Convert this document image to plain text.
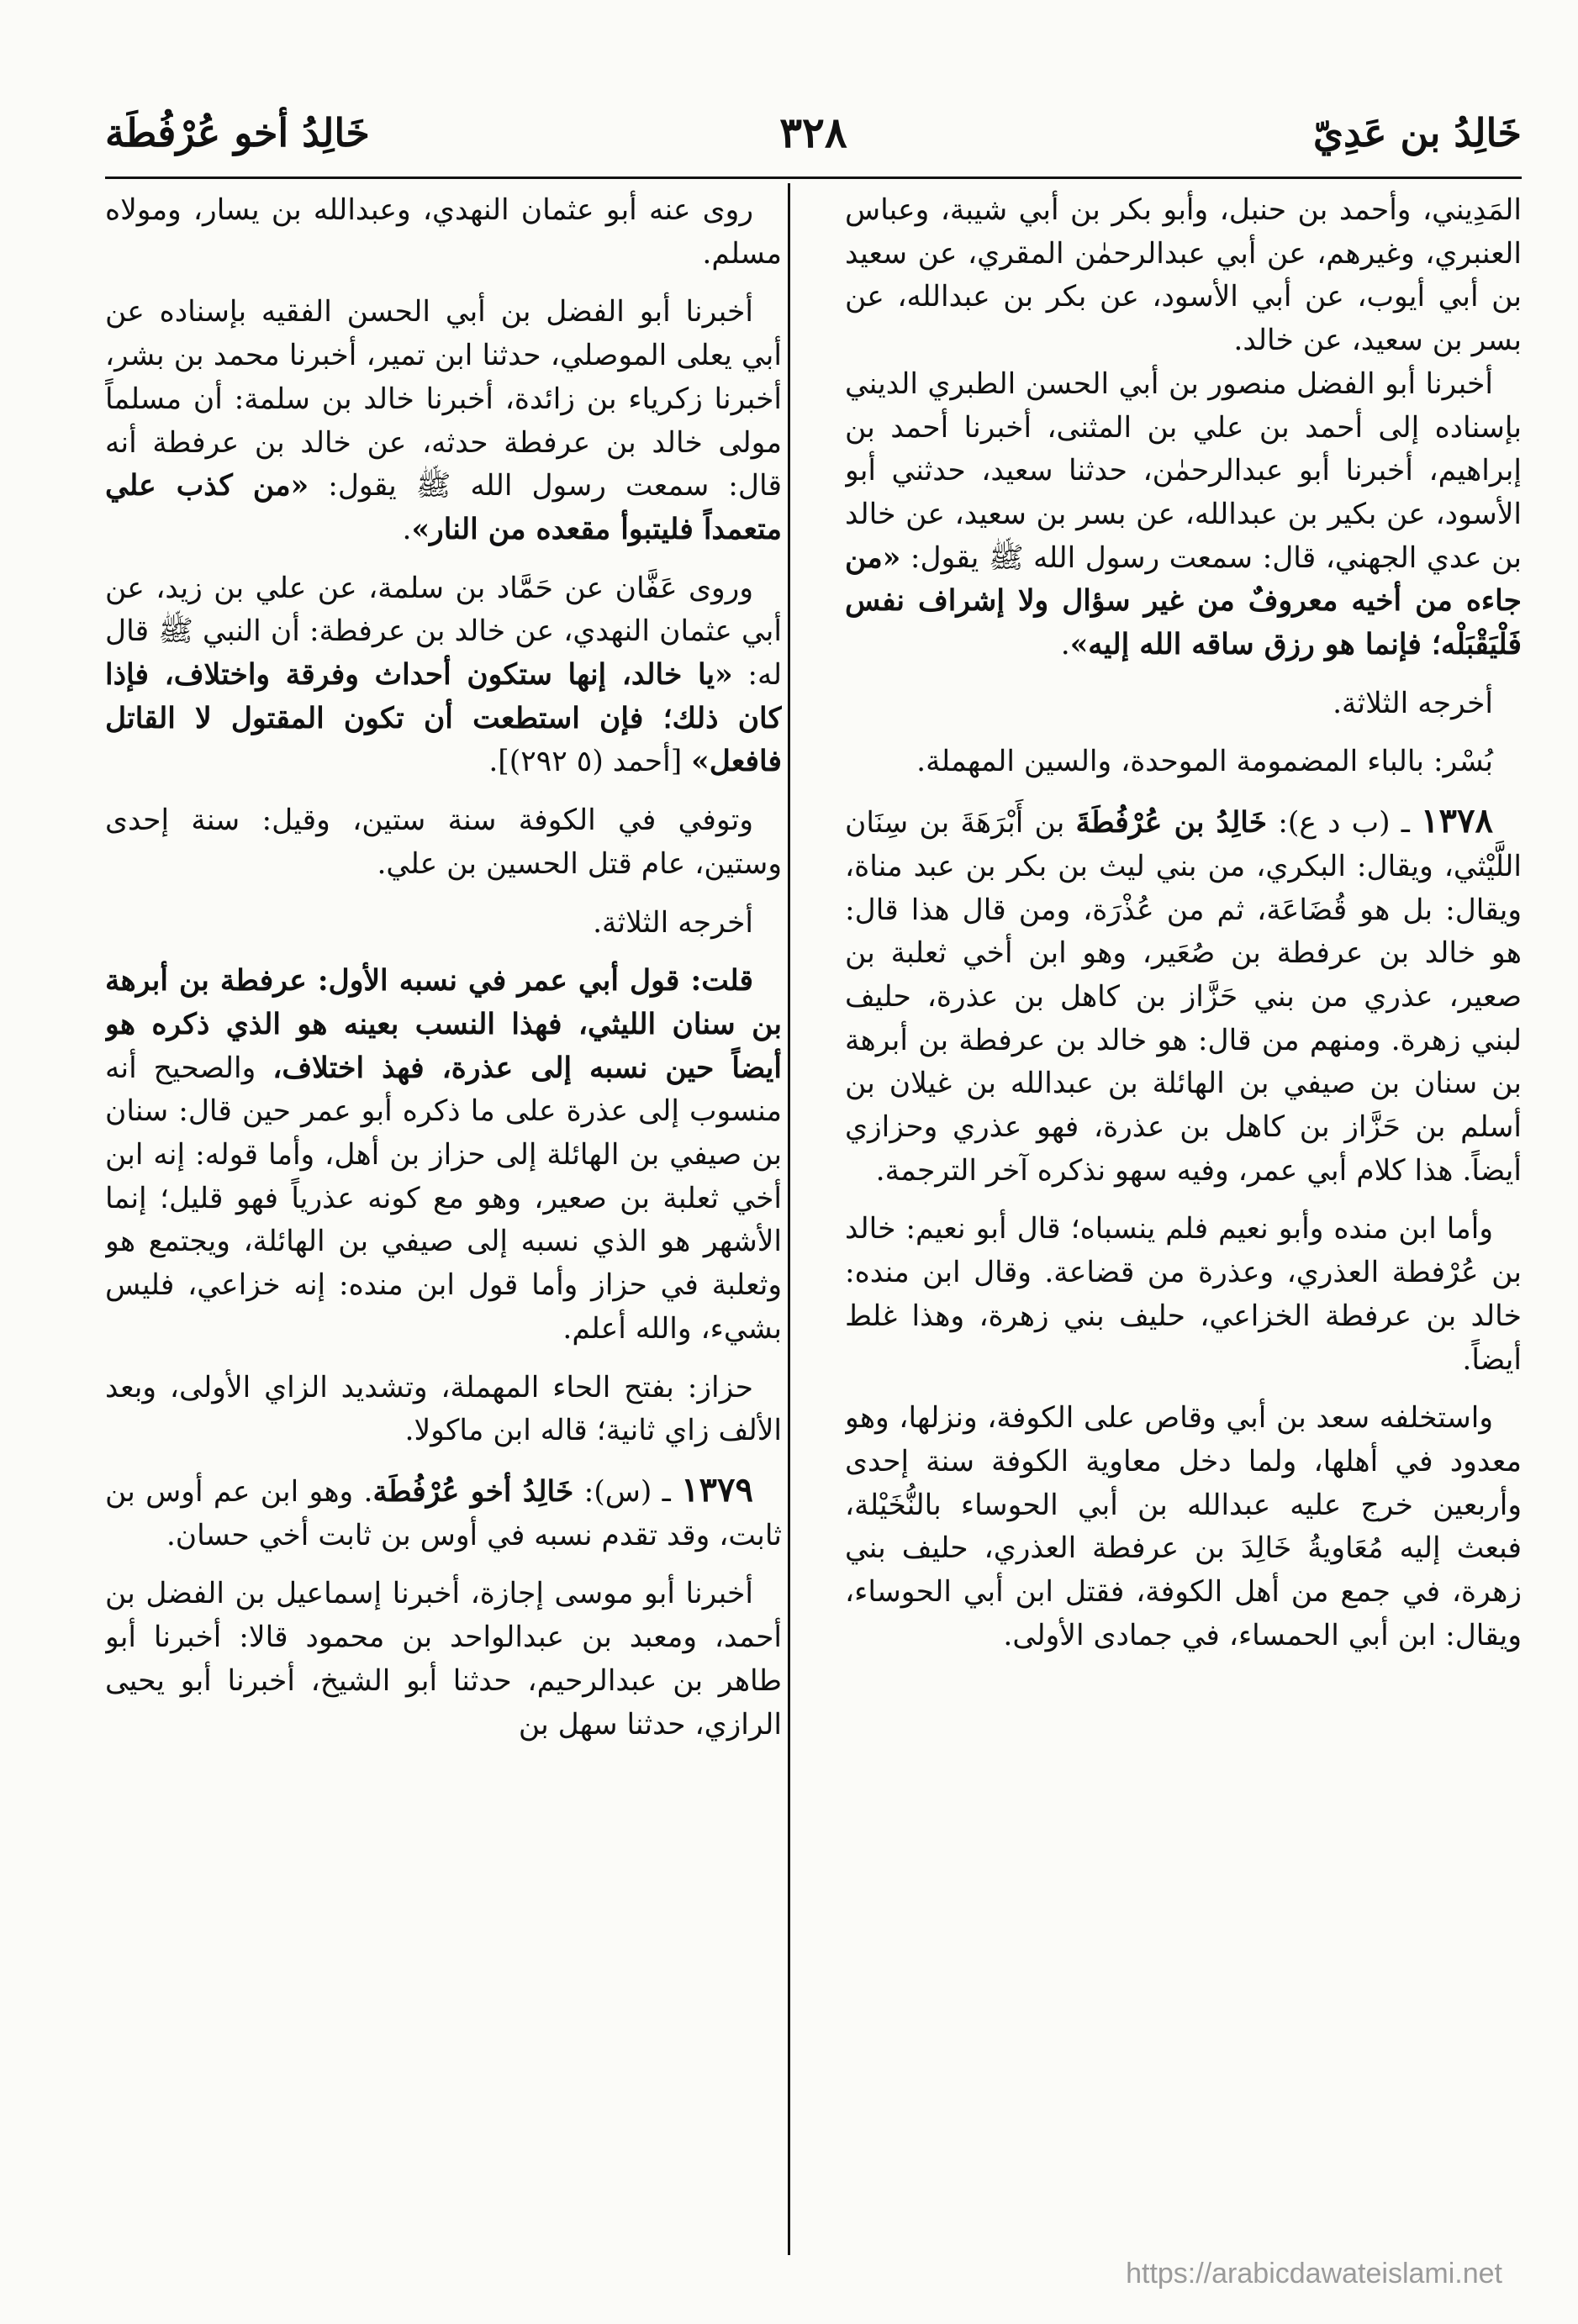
خَالِدُ بن عَدِيّ
٣٢٨
خَالِدُ أخو عُرْفُطَة

المَدِيني، وأحمد بن حنبل، وأبو بكر بن أبي شيبة، وعباس العنبري، وغيرهم، عن أبي عبدالرحمٰن المقري، عن سعيد بن أبي أيوب، عن أبي الأسود، عن بكر بن عبدالله، عن بسر بن سعيد، عن خالد.

أخبرنا أبو الفضل منصور بن أبي الحسن الطبري الديني بإسناده إلى أحمد بن علي بن المثنى، أخبرنا أحمد بن إبراهيم، أخبرنا أبو عبدالرحمٰن، حدثنا سعيد، حدثني أبو الأسود، عن بكير بن عبدالله، عن بسر بن سعيد، عن خالد بن عدي الجهني، قال: سمعت رسول الله ﷺ يقول: «من جاءه من أخيه معروفٌ من غير سؤال ولا إشراف نفس فَلْيَقْبَلْه؛ فإنما هو رزق ساقه الله إليه».

أخرجه الثلاثة.

بُسْر: بالباء المضمومة الموحدة، والسين المهملة.

١٣٧٨ ـ (ب د ع): خَالِدُ بن عُرْفُطَةَ بن أَبْرَهَةَ بن سِنَان اللَّيْثي، ويقال: البكري، من بني ليث بن بكر بن عبد مناة، ويقال: بل هو قُضَاعَة، ثم من عُذْرَة، ومن قال هذا قال: هو خالد بن عرفطة بن صُعَير، وهو ابن أخي ثعلبة بن صعير، عذري من بني حَزَّاز بن كاهل بن عذرة، حليف لبني زهرة. ومنهم من قال: هو خالد بن عرفطة بن أبرهة بن سنان بن صيفي بن الهائلة بن عبدالله بن غيلان بن أسلم بن حَزَّاز بن كاهل بن عذرة، فهو عذري وحزازي أيضاً. هذا كلام أبي عمر، وفيه سهو نذكره آخر الترجمة.

وأما ابن منده وأبو نعيم فلم ينسباه؛ قال أبو نعيم: خالد بن عُرْفطة العذري، وعذرة من قضاعة. وقال ابن منده: خالد بن عرفطة الخزاعي، حليف بني زهرة، وهذا غلط أيضاً.

واستخلفه سعد بن أبي وقاص على الكوفة، ونزلها، وهو معدود في أهلها، ولما دخل معاوية الكوفة سنة إحدى وأربعين خرج عليه عبدالله بن أبي الحوساء بالنُّخَيْلة، فبعث إليه مُعَاويةُ خَالِدَ بن عرفطة العذري، حليف بني زهرة، في جمع من أهل الكوفة، فقتل ابن أبي الحوساء، ويقال: ابن أبي الحمساء، في جمادى الأولى.

روى عنه أبو عثمان النهدي، وعبدالله بن يسار، ومولاه مسلم.

أخبرنا أبو الفضل بن أبي الحسن الفقيه بإسناده عن أبي يعلى الموصلي، حدثنا ابن تمير، أخبرنا محمد بن بشر، أخبرنا زكرياء بن زائدة، أخبرنا خالد بن سلمة: أن مسلماً مولى خالد بن عرفطة حدثه، عن خالد بن عرفطة أنه قال: سمعت رسول الله ﷺ يقول: «من كذب علي متعمداً فليتبوأ مقعده من النار».

وروى عَفَّان عن حَمَّاد بن سلمة، عن علي بن زيد، عن أبي عثمان النهدي، عن خالد بن عرفطة: أن النبي ﷺ قال له: «يا خالد، إنها ستكون أحداث وفرقة واختلاف، فإذا كان ذلك؛ فإن استطعت أن تكون المقتول لا القاتل فافعل» [أحمد (٥ ٢٩٢)].

وتوفي في الكوفة سنة ستين، وقيل: سنة إحدى وستين، عام قتل الحسين بن علي.

أخرجه الثلاثة.

قلت: قول أبي عمر في نسبه الأول: عرفطة بن أبرهة بن سنان الليثي، فهذا النسب بعينه هو الذي ذكره هو أيضاً حين نسبه إلى عذرة، فهذ اختلاف، والصحيح أنه منسوب إلى عذرة على ما ذكره أبو عمر حين قال: سنان بن صيفي بن الهائلة إلى حزاز بن أهل، وأما قوله: إنه ابن أخي ثعلبة بن صعير، وهو مع كونه عذرياً فهو قليل؛ إنما الأشهر هو الذي نسبه إلى صيفي بن الهائلة، ويجتمع هو وثعلبة في حزاز وأما قول ابن منده: إنه خزاعي، فليس بشيء، والله أعلم.

حزاز: بفتح الحاء المهملة، وتشديد الزاي الأولى، وبعد الألف زاي ثانية؛ قاله ابن ماكولا.

١٣٧٩ ـ (س): خَالِدُ أخو عُرْفُطَة. وهو ابن عم أوس بن ثابت، وقد تقدم نسبه في أوس بن ثابت أخي حسان.

أخبرنا أبو موسى إجازة، أخبرنا إسماعيل بن الفضل بن أحمد، ومعبد بن عبدالواحد بن محمود قالا: أخبرنا أبو طاهر بن عبدالرحيم، حدثنا أبو الشيخ، أخبرنا أبو يحيى الرازي، حدثنا سهل بن

https://arabicdawateislami.net
